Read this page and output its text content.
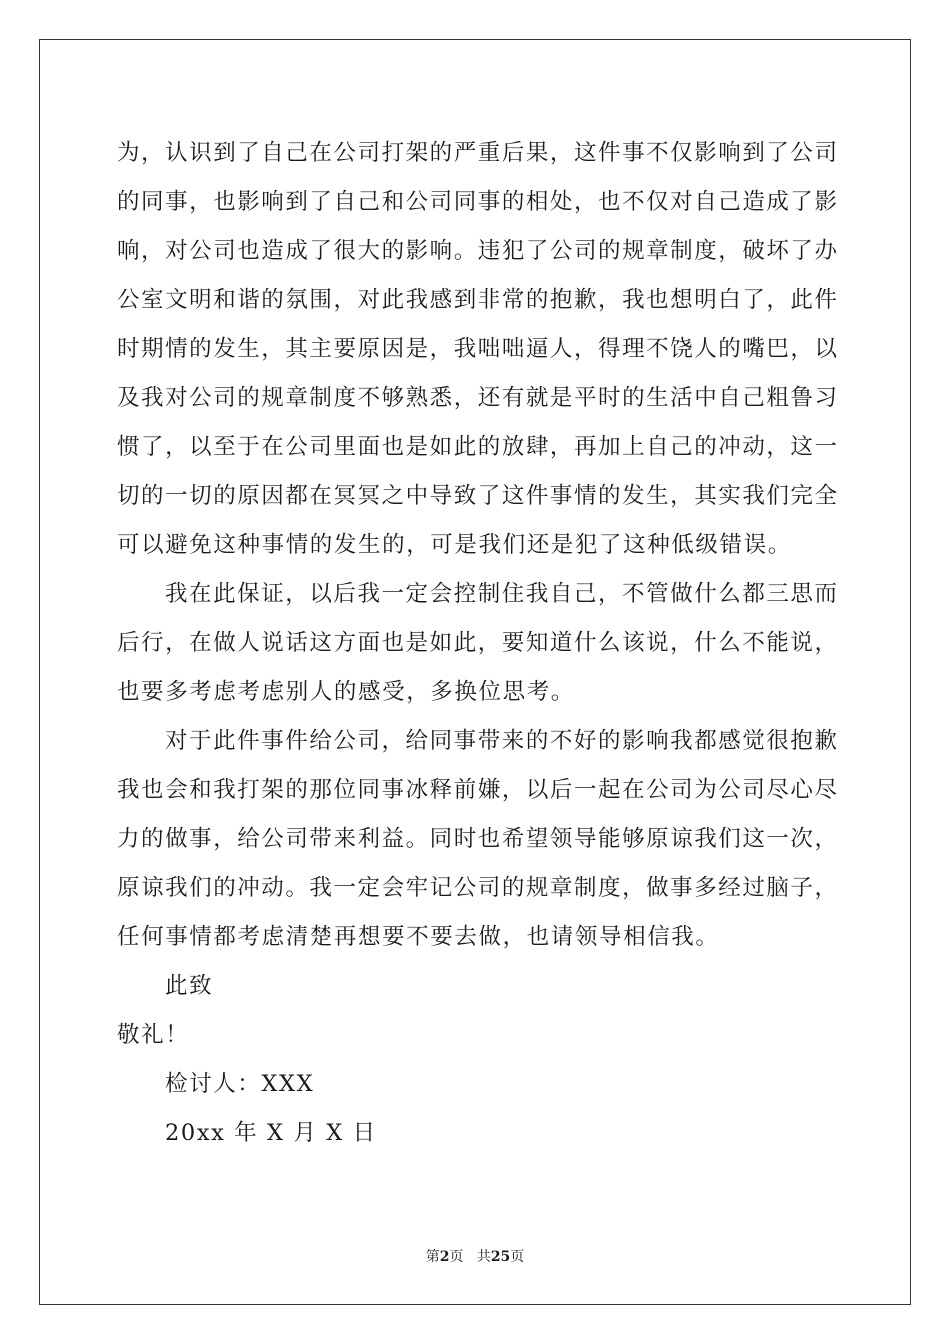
为，认识到了自己在公司打架的严重后果，这件事不仅影响到了公司
的同事，也影响到了自己和公司同事的相处，也不仅对自己造成了影
响，对公司也造成了很大的影响。违犯了公司的规章制度，破坏了办
公室文明和谐的氛围，对此我感到非常的抱歉，我也想明白了，此件
时期情的发生，其主要原因是，我咄咄逼人，得理不饶人的嘴巴，以
及我对公司的规章制度不够熟悉，还有就是平时的生活中自己粗鲁习
惯了，以至于在公司里面也是如此的放肆，再加上自己的冲动，这一
切的一切的原因都在冥冥之中导致了这件事情的发生，其实我们完全
可以避免这种事情的发生的，可是我们还是犯了这种低级错误。
我在此保证，以后我一定会控制住我自己，不管做什么都三思而
后行，在做人说话这方面也是如此，要知道什么该说，什么不能说，
也要多考虑考虑别人的感受，多换位思考。
对于此件事件给公司，给同事带来的不好的影响我都感觉很抱歉
我也会和我打架的那位同事冰释前嫌，以后一起在公司为公司尽心尽
力的做事，给公司带来利益。同时也希望领导能够原谅我们这一次，
原谅我们的冲动。我一定会牢记公司的规章制度，做事多经过脑子，
任何事情都考虑清楚再想要不要去做，也请领导相信我。
此致
敬礼！
检讨人：XXX
20xx 年 X 月 X 日
第2页 共25页
